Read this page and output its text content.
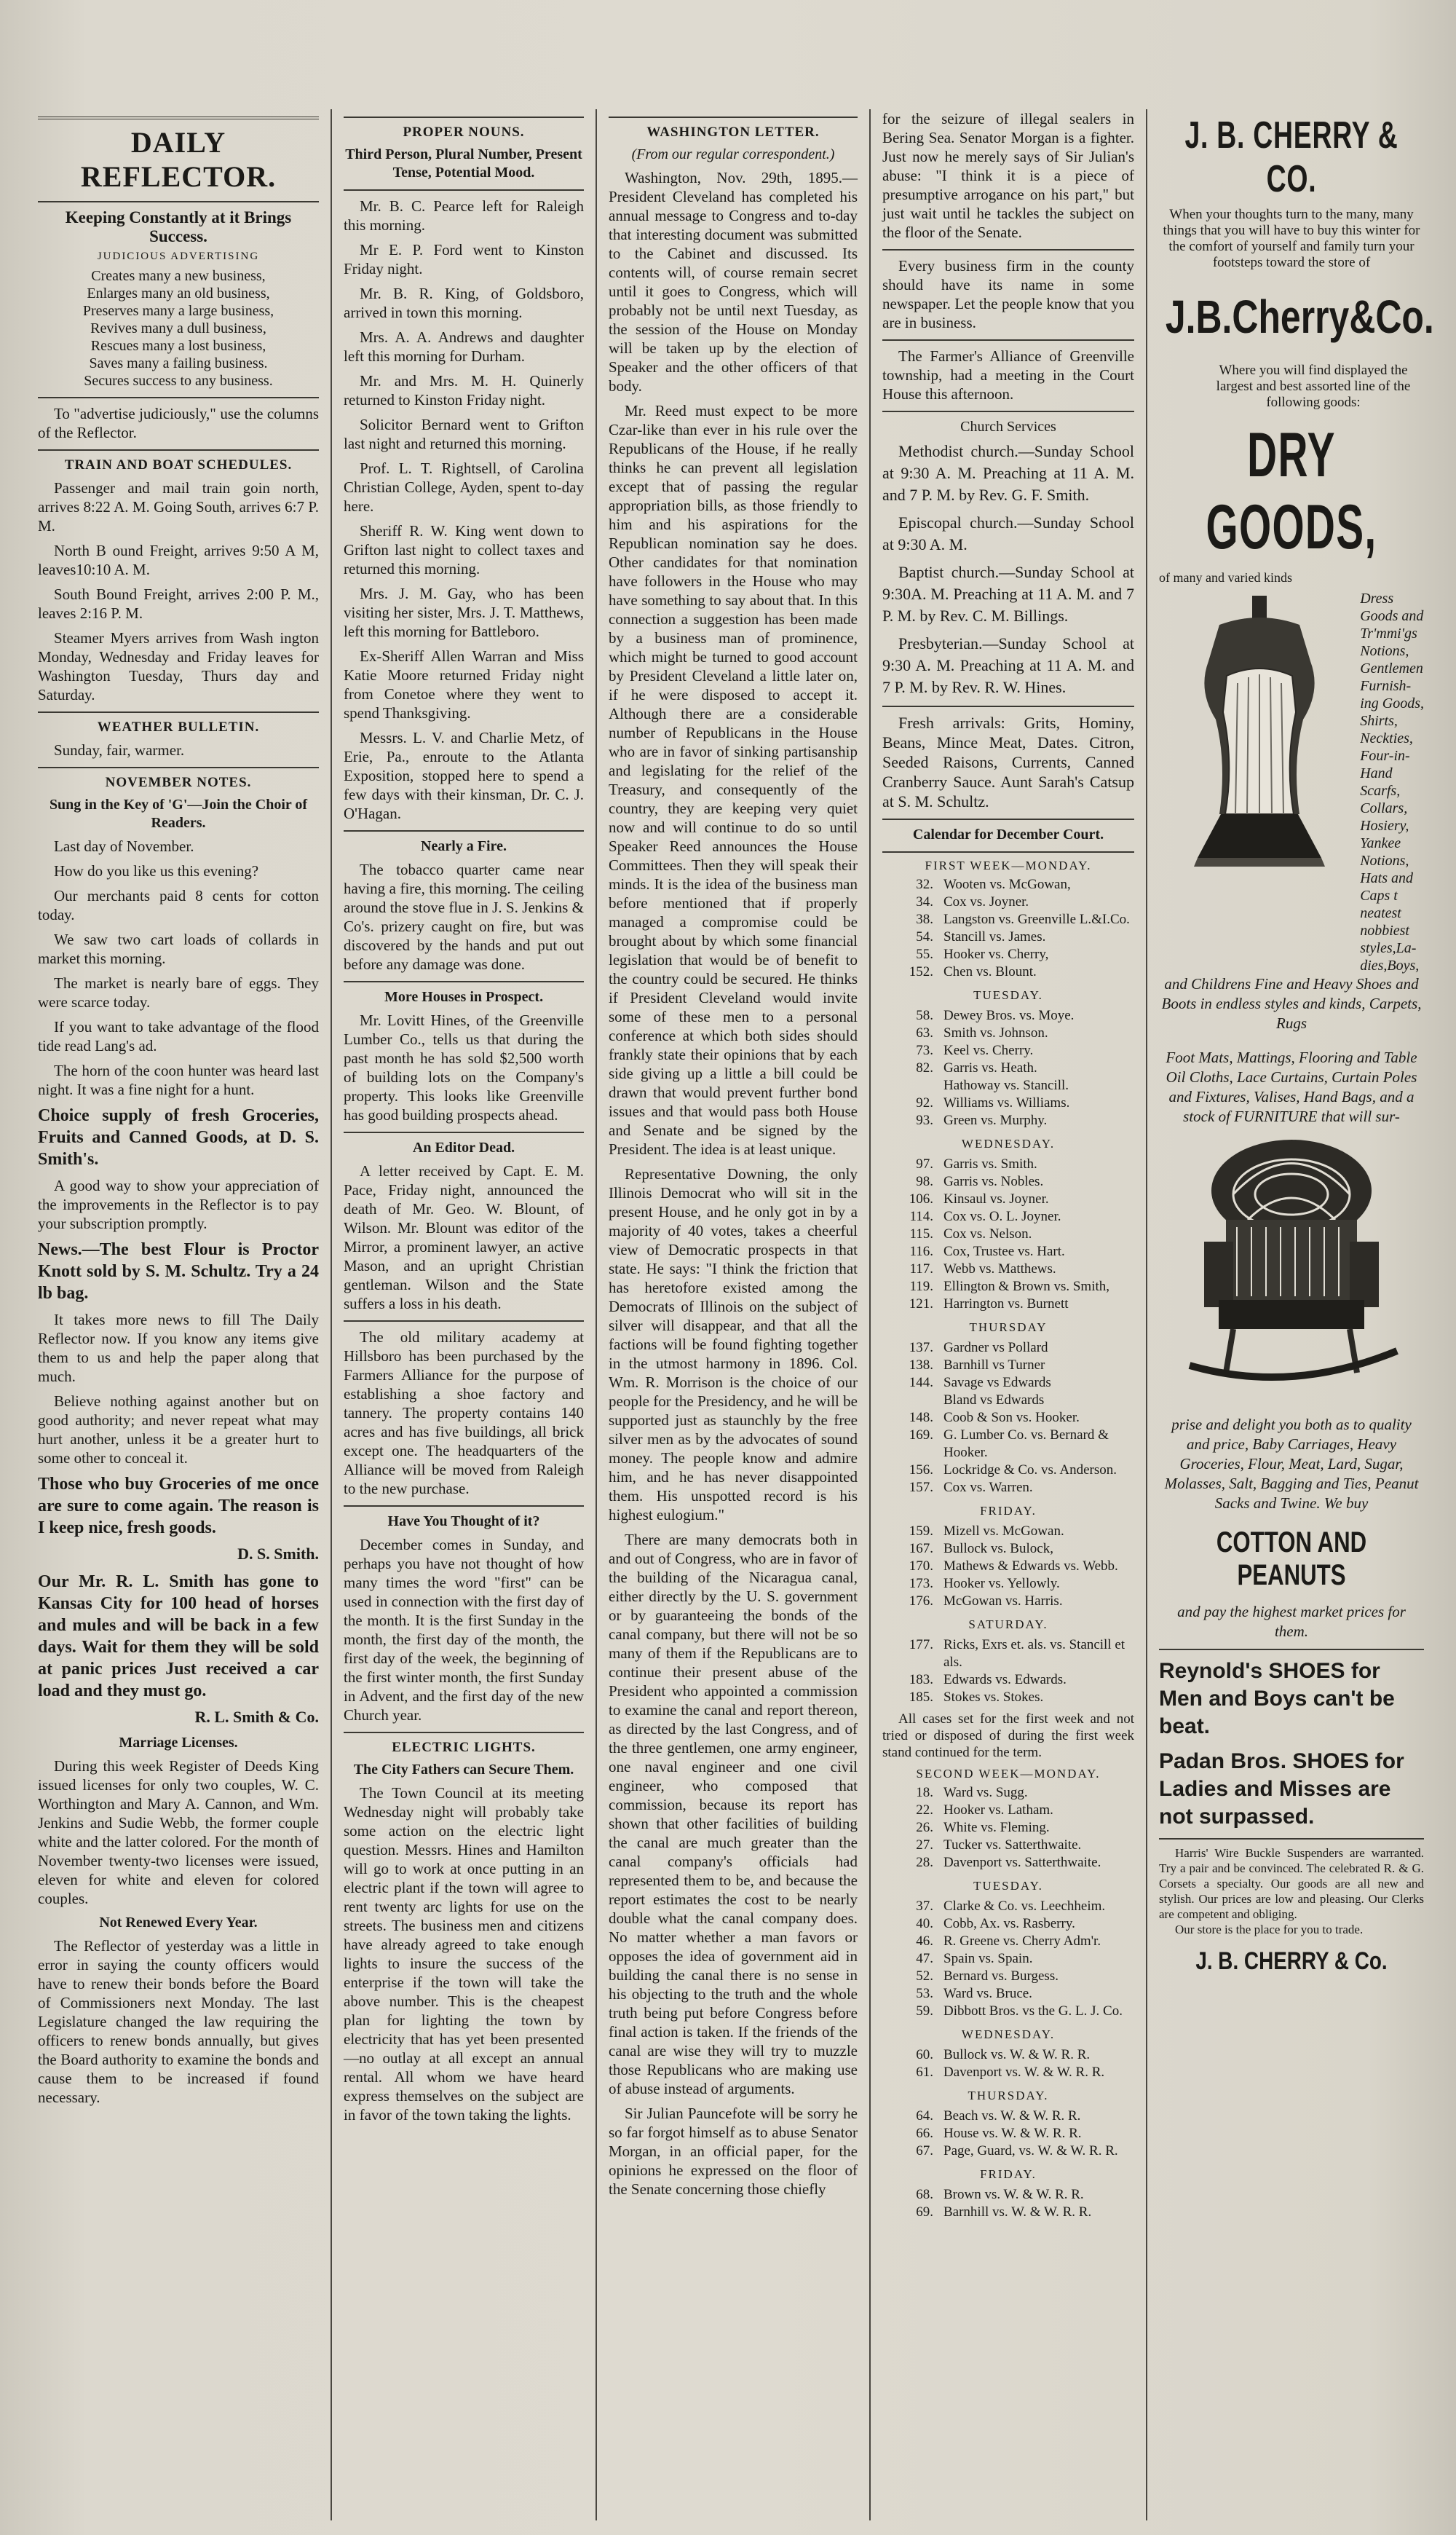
DAILY REFLECTOR.
Keeping Constantly at it Brings Success.
JUDICIOUS ADVERTISING

Creates many a new business,

Enlarges many an old business,

Preserves many a large business,

Revives many a dull business,

Rescues many a lost business,

Saves many a failing business.

Secures success to any business.

To "advertise judiciously," use the columns of the Reflector.

TRAIN AND BOAT SCHEDULES.

Passenger and mail train goin north, arrives 8:22 A. M. Going South, arrives 6:7 P. M.

North B ound Freight, arrives 9:50 A M, leaves10:10 A. M.

South Bound Freight, arrives 2:00 P. M., leaves 2:16 P. M.

Steamer Myers arrives from Wash ington Monday, Wednesday and Friday leaves for Washington Tuesday, Thurs day and Saturday.

WEATHER BULLETIN.

Sunday, fair, warmer.

NOVEMBER NOTES.
Sung in the Key of 'G'—Join the Choir of Readers.

Last day of November.

How do you like us this evening?

Our merchants paid 8 cents for cotton today.

We saw two cart loads of collards in market this morning.

The market is nearly bare of eggs. They were scarce today.

If you want to take advantage of the flood tide read Lang's ad.

The horn of the coon hunter was heard last night. It was a fine night for a hunt.

Choice supply of fresh Groceries, Fruits and Canned Goods, at D. S. Smith's.

A good way to show your appreciation of the improvements in the Reflector is to pay your subscription promptly.

News.—The best Flour is Proctor Knott sold by S. M. Schultz. Try a 24 lb bag.

It takes more news to fill The Daily Reflector now. If you know any items give them to us and help the paper along that much.

Believe nothing against another but on good authority; and never repeat what may hurt another, unless it be a greater hurt to some other to conceal it.

Those who buy Groceries of me once are sure to come again. The reason is I keep nice, fresh goods.

D. S. Smith.

Our Mr. R. L. Smith has gone to Kansas City for 100 head of horses and mules and will be back in a few days. Wait for them they will be sold at panic prices Just received a car load and they must go.

R. L. Smith & Co.
Marriage Licenses.

During this week Register of Deeds King issued licenses for only two couples, W. C. Worthington and Mary A. Cannon, and Wm. Jenkins and Sudie Webb, the former couple white and the latter colored. For the month of November twenty-two licenses were issued, eleven for white and eleven for colored couples.

Not Renewed Every Year.

The Reflector of yesterday was a little in error in saying the county officers would have to renew their bonds before the Board of Commissioners next Monday. The last Legislature changed the law requiring the officers to renew bonds annually, but gives the Board authority to examine the bonds and cause them to be increased if found necessary.

PROPER NOUNS.
Third Person, Plural Number, Present Tense, Potential Mood.

Mr. B. C. Pearce left for Raleigh this morning.

Mr E. P. Ford went to Kinston Friday night.

Mr. B. R. King, of Goldsboro, arrived in town this morning.

Mrs. A. A. Andrews and daughter left this morning for Durham.

Mr. and Mrs. M. H. Quinerly returned to Kinston Friday night.

Solicitor Bernard went to Grifton last night and returned this morning.

Prof. L. T. Rightsell, of Carolina Christian College, Ayden, spent to-day here.

Sheriff R. W. King went down to Grifton last night to collect taxes and returned this morning.

Mrs. J. M. Gay, who has been visiting her sister, Mrs. J. T. Matthews, left this morning for Battleboro.

Ex-Sheriff Allen Warran and Miss Katie Moore returned Friday night from Conetoe where they went to spend Thanksgiving.

Messrs. L. V. and Charlie Metz, of Erie, Pa., enroute to the Atlanta Exposition, stopped here to spend a few days with their kinsman, Dr. C. J. O'Hagan.

Nearly a Fire.

The tobacco quarter came near having a fire, this morning. The ceiling around the stove flue in J. S. Jenkins & Co's. prizery caught on fire, but was discovered by the hands and put out before any damage was done.

More Houses in Prospect.

Mr. Lovitt Hines, of the Greenville Lumber Co., tells us that during the past month he has sold $2,500 worth of building lots on the Company's property. This looks like Greenville has good building prospects ahead.

An Editor Dead.

A letter received by Capt. E. M. Pace, Friday night, announced the death of Mr. Geo. W. Blount, of Wilson. Mr. Blount was editor of the Mirror, a prominent lawyer, an active Mason, and an upright Christian gentleman. Wilson and the State suffers a loss in his death.

The old military academy at Hillsboro has been purchased by the Farmers Alliance for the purpose of establishing a shoe factory and tannery. The property contains 140 acres and has five buildings, all brick except one. The headquarters of the Alliance will be moved from Raleigh to the new purchase.

Have You Thought of it?

December comes in Sunday, and perhaps you have not thought of how many times the word "first" can be used in connection with the first day of the month. It is the first Sunday in the month, the first day of the month, the first day of the week, the beginning of the first winter month, the first Sunday in Advent, and the first day of the new Church year.

ELECTRIC LIGHTS.
The City Fathers can Secure Them.

The Town Council at its meeting Wednesday night will probably take some action on the electric light question. Messrs. Hines and Hamilton will go to work at once putting in an electric plant if the town will agree to rent twenty arc lights for use on the streets. The business men and citizens have already agreed to take enough lights to insure the success of the enterprise if the town will take the above number. This is the cheapest plan for lighting the town by electricity that has yet been presented—no outlay at all except an annual rental. All whom we have heard express themselves on the subject are in favor of the town taking the lights.

WASHINGTON LETTER.
(From our regular correspondent.)

Washington, Nov. 29th, 1895.—President Cleveland has completed his annual message to Congress and to-day that interesting document was submitted to the Cabinet and discussed. Its contents will, of course remain secret until it goes to Congress, which will probably not be until next Tuesday, as the session of the House on Monday will be taken up by the election of Speaker and the other officers of that body.

Mr. Reed must expect to be more Czar-like than ever in his rule over the Republicans of the House, if he really thinks he can prevent all legislation except that of passing the regular appropriation bills, as those friendly to him and his aspirations for the Republican nomination say he does. Other candidates for that nomination have followers in the House who may have something to say about that. In this connection a suggestion has been made by a business man of prominence, which might be turned to good account by President Cleveland a little later on, if he were disposed to accept it. Although there are a considerable number of Republicans in the House who are in favor of sinking partisanship and legislating for the relief of the Treasury, and consequently of the country, they are keeping very quiet now and will continue to do so until Speaker Reed announces the House Committees. Then they will speak their minds. It is the idea of the business man before mentioned that if properly managed a compromise could be brought about by which some financial legislation that would be of benefit to the country could be secured. He thinks if President Cleveland would invite some of these men to a personal conference at which both sides should frankly state their opinions that by each side giving up a little a bill could be drawn that would prevent further bond issues and that would pass both House and Senate and be signed by the President. The idea is at least unique.

Representative Downing, the only Illinois Democrat who will sit in the present House, and he only got in by a majority of 40 votes, takes a cheerful view of Democratic prospects in that state. He says: "I think the friction that has heretofore existed among the Democrats of Illinois on the subject of silver will disappear, and that all the factions will be found fighting together in the utmost harmony in 1896. Col. Wm. R. Morrison is the choice of our people for the Presidency, and he will be supported just as staunchly by the free silver men as by the advocates of sound money. The people know and admire him, and he has never disappointed them. His unspotted record is his highest eulogium."

There are many democrats both in and out of Congress, who are in favor of the building of the Nicaragua canal, either directly by the U. S. government or by guaranteeing the bonds of the canal company, but there will not be so many of them if the Republicans are to continue their present abuse of the President who appointed a commission to examine the canal and report thereon, as directed by the last Congress, and of the three gentlemen, one army engineer, one naval engineer and one civil engineer, who composed that commission, because its report has shown that other facilities of building the canal are much greater than the canal company's officials had represented them to be, and because the report estimates the cost to be nearly double what the canal company does. No matter whether a man favors or opposes the idea of government aid in building the canal there is no sense in his objecting to the truth and the whole truth being put before Congress before final action is taken. If the friends of the canal are wise they will try to muzzle those Republicans who are making use of abuse instead of arguments.

Sir Julian Pauncefote will be sorry he so far forgot himself as to abuse Senator Morgan, in an official paper, for the opinions he expressed on the floor of the Senate concerning those chiefly

for the seizure of illegal sealers in Bering Sea. Senator Morgan is a fighter. Just now he merely says of Sir Julian's abuse: "I think it is a piece of presumptive arrogance on his part," but just wait until he tackles the subject on the floor of the Senate.

Every business firm in the county should have its name in some newspaper. Let the people know that you are in business.

The Farmer's Alliance of Greenville township, had a meeting in the Court House this afternoon.

Church Services

Methodist church.—Sunday School at 9:30 A. M. Preaching at 11 A. M. and 7 P. M. by Rev. G. F. Smith.

Episcopal church.—Sunday School at 9:30 A. M.

Baptist church.—Sunday School at 9:30A. M. Preaching at 11 A. M. and 7 P. M. by Rev. C. M. Billings.

Presbyterian.—Sunday School at 9:30 A. M. Preaching at 11 A. M. and 7 P. M. by Rev. R. W. Hines.

Fresh arrivals: Grits, Hominy, Beans, Mince Meat, Dates. Citron, Seeded Raisons, Currents, Canned Cranberry Sauce. Aunt Sarah's Catsup at S. M. Schultz.

Calendar for December Court.
FIRST WEEK—MONDAY.
32. Wooten vs. McGowan,
34. Cox vs. Joyner.
38. Langston vs. Greenville L.&I.Co.
54. Stancill vs. James.
55. Hooker vs. Cherry,
152. Chen vs. Blount.
TUESDAY.
58. Dewey Bros. vs. Moye.
63. Smith vs. Johnson.
73. Keel vs. Cherry.
82. Garris vs. Heath.
Hathoway vs. Stancill.
92. Williams vs. Williams.
93. Green vs. Murphy.
WEDNESDAY.
97. Garris vs. Smith.
98. Garris vs. Nobles.
106. Kinsaul vs. Joyner.
114. Cox vs. O. L. Joyner.
115. Cox vs. Nelson.
116. Cox, Trustee vs. Hart.
117. Webb vs. Matthews.
119. Ellington & Brown vs. Smith,
121. Harrington vs. Burnett
THURSDAY
137. Gardner vs Pollard
138. Barnhill vs Turner
144. Savage vs Edwards
Bland vs Edwards
148. Coob & Son vs. Hooker.
169. G. Lumber Co. vs. Bernard & Hooker.
156. Lockridge & Co. vs. Anderson.
157. Cox vs. Warren.
FRIDAY.
159. Mizell vs. McGowan.
167. Bullock vs. Bulock,
170. Mathews & Edwards vs. Webb.
173. Hooker vs. Yellowly.
176. McGowan vs. Harris.
SATURDAY.
177. Ricks, Exrs et. als. vs. Stancill et als.
183. Edwards vs. Edwards.
185. Stokes vs. Stokes.

All cases set for the first week and not tried or disposed of during the first week stand continued for the term.

SECOND WEEK—MONDAY.
18. Ward vs. Sugg.
22. Hooker vs. Latham.
26. White vs. Fleming.
27. Tucker vs. Satterthwaite.
28. Davenport vs. Satterthwaite.
TUESDAY.
37. Clarke & Co. vs. Leechheim.
40. Cobb, Ax. vs. Rasberry.
46. R. Greene vs. Cherry Adm'r.
47. Spain vs. Spain.
52. Bernard vs. Burgess.
53. Ward vs. Bruce.
59. Dibbott Bros. vs the G. L. J. Co.
WEDNESDAY.
60. Bullock vs. W. & W. R. R.
61. Davenport vs. W. & W. R. R.
THURSDAY.
64. Beach vs. W. & W. R. R.
66. House vs. W. & W. R. R.
67. Page, Guard, vs. W. & W. R. R.
FRIDAY.
68. Brown vs. W. & W. R. R.
69. Barnhill vs. W. & W. R. R.
J. B. CHERRY & CO.

When your thoughts turn to the many, many things that you will have to buy this winter for the comfort of yourself and family turn your footsteps toward the store of

J.B.Cherry&Co.

Where you will find displayed the largest and best assorted line of the following goods:

DRY GOODS,

of many and varied kinds

Dress

Goods and

Tr'mmi'gs

Notions,

Gentlemen

Furnish-

ing Goods,

Shirts,

Neckties,

Four-in-

Hand

Scarfs,

Collars,

Hosiery,

Yankee

Notions,

Hats and

Caps t

neatest

nobbiest

styles,La-

dies,Boys,

and Childrens Fine and Heavy Shoes and Boots in endless styles and kinds, Carpets, Rugs

Foot Mats, Mattings, Flooring and Table Oil Cloths, Lace Curtains, Curtain Poles and Fixtures, Valises, Hand Bags, and a stock of FURNITURE that will sur-

prise and delight you both as to quality and price, Baby Carriages, Heavy Groceries, Flour, Meat, Lard, Sugar, Molasses, Salt, Bagging and Ties, Peanut Sacks and Twine. We buy

COTTON AND PEANUTS

and pay the highest market prices for them.

Reynold's SHOES for Men and Boys can't be beat.

Padan Bros. SHOES for Ladies and Misses are not surpassed.

Harris' Wire Buckle Suspenders are warranted. Try a pair and be convinced. The celebrated R. & G. Corsets a specialty. Our goods are all new and stylish. Our prices are low and pleasing. Our Clerks are competent and obliging.

Our store is the place for you to trade.

J. B. CHERRY & Co.
